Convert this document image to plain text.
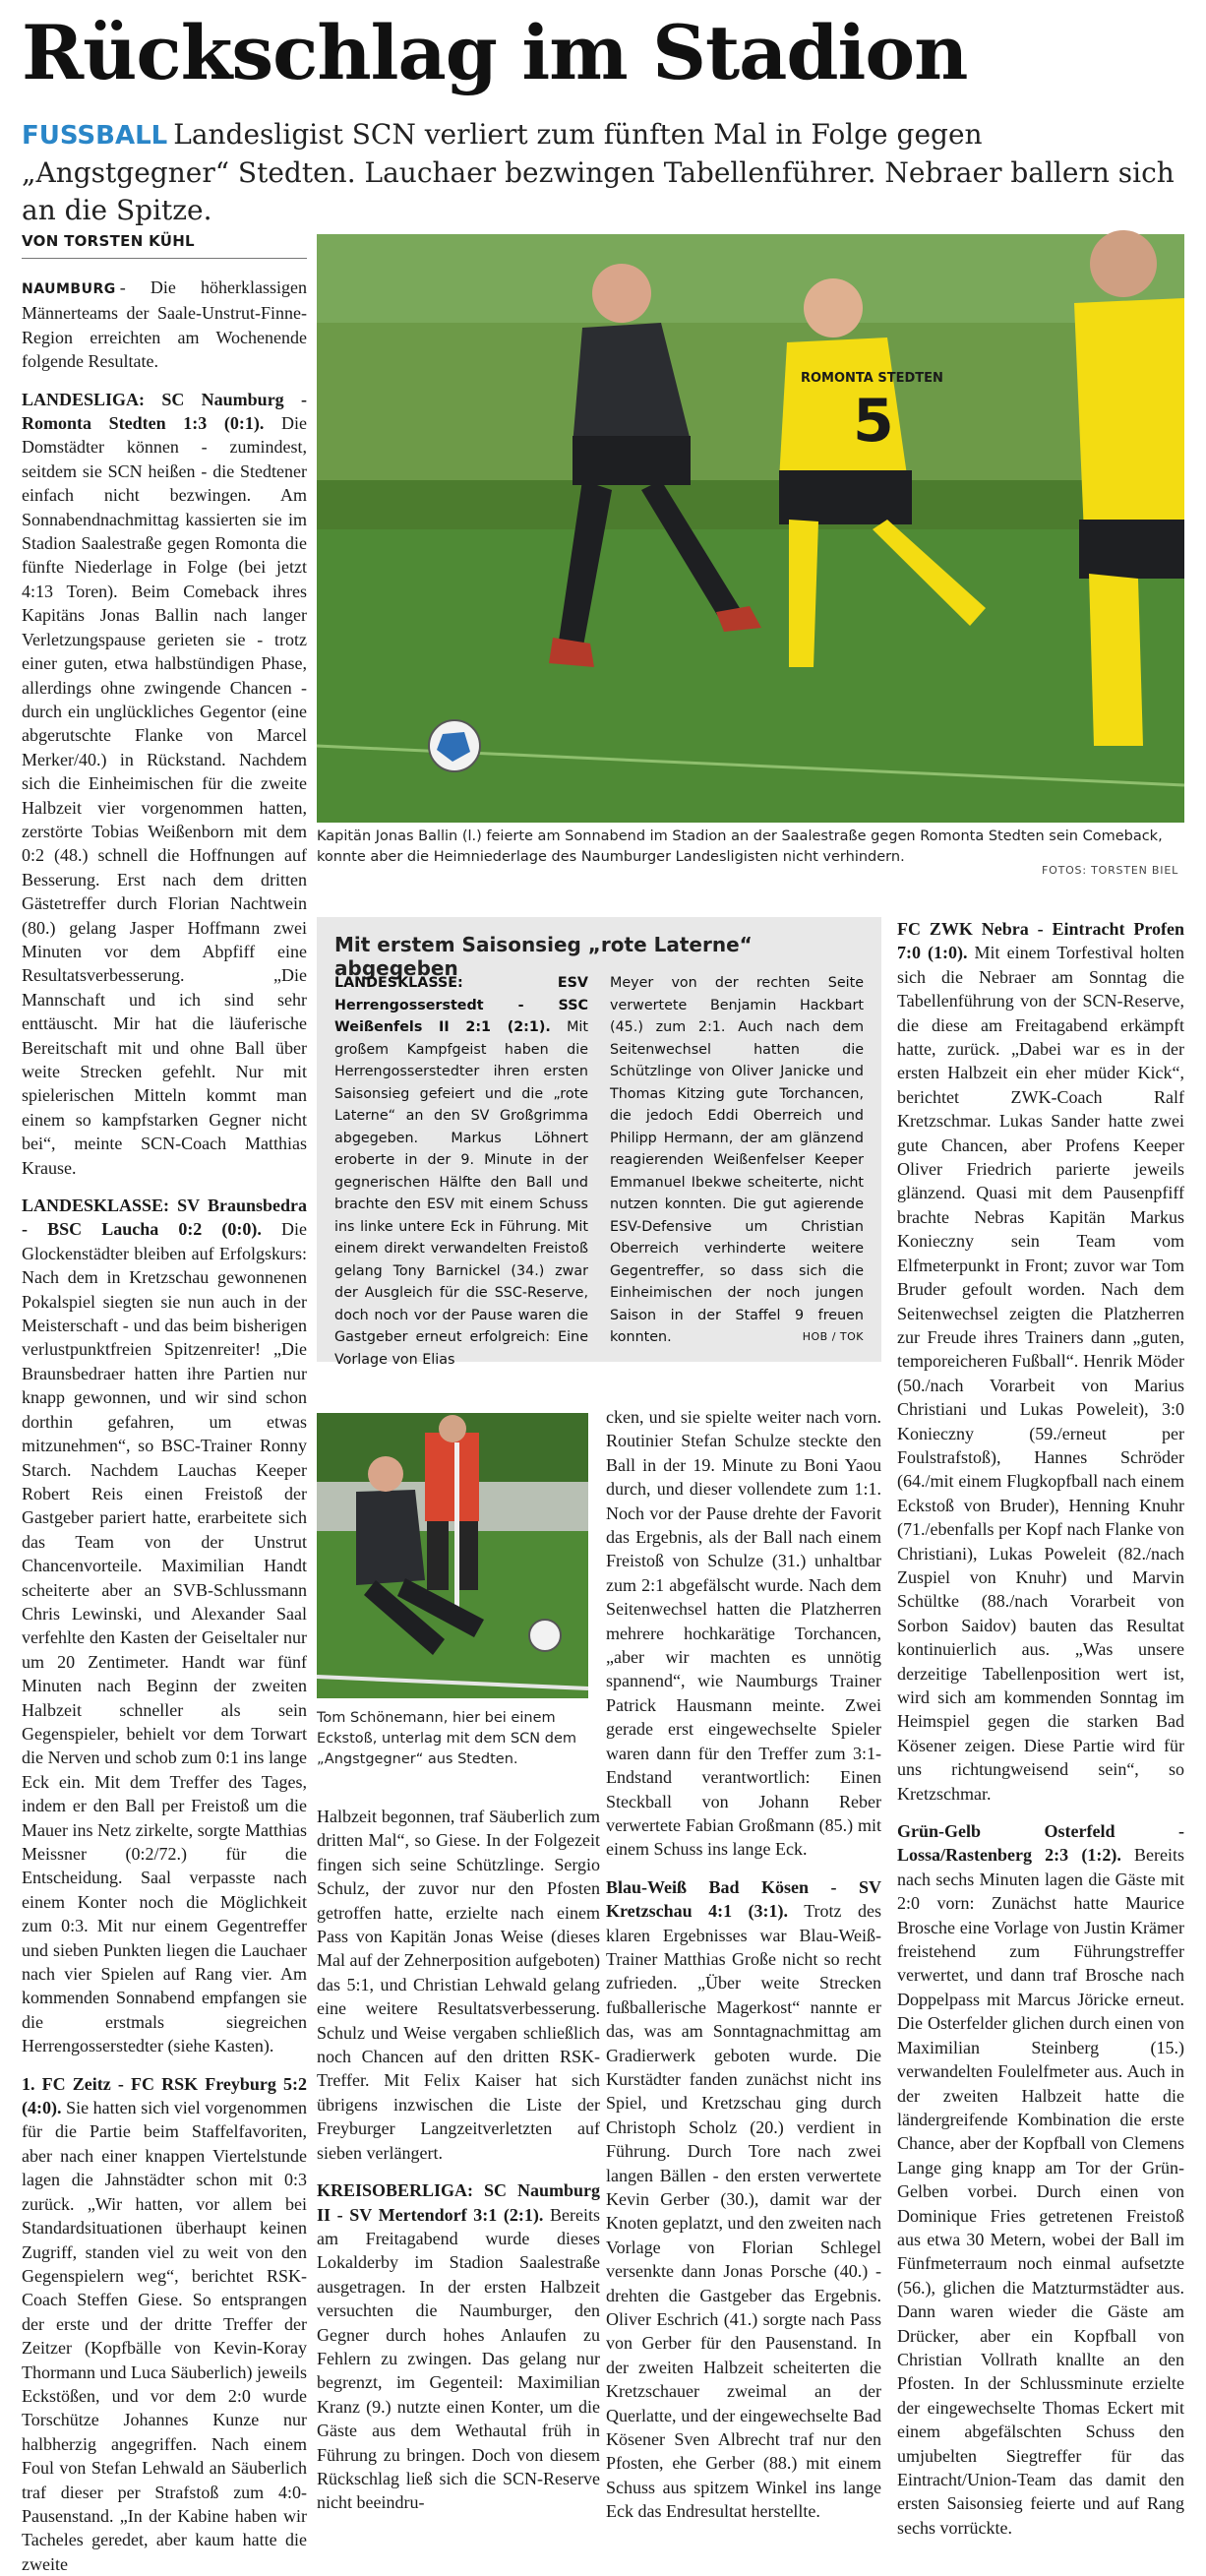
Rückschlag im Stadion

FUSSBALL Landesligist SCN verliert zum fünften Mal in Folge gegen „Angstgegner“ Stedten. Lauchaer bezwingen Tabellenführer. Nebraer ballern sich an die Spitze.

VON TORSTEN KÜHL

NAUMBURG - Die höherklassigen Männerteams der Saale-Unstrut-Finne-Region erreichten am Wochenende folgende Resultate.

LANDESLIGA: SC Naumburg - Romonta Stedten 1:3 (0:1). Die Domstädter können - zumindest, seitdem sie SCN heißen - die Stedtener einfach nicht bezwingen. Am Sonnabendnachmittag kassierten sie im Stadion Saalestraße gegen Romonta die fünfte Niederlage in Folge (bei jetzt 4:13 Toren). Beim Comeback ihres Kapitäns Jonas Ballin nach langer Verletzungspause gerieten sie - trotz einer guten, etwa halbstündigen Phase, allerdings ohne zwingende Chancen - durch ein unglückliches Gegentor (eine abgerutschte Flanke von Marcel Merker/40.) in Rückstand. Nachdem sich die Einheimischen für die zweite Halbzeit vier vorgenommen hatten, zerstörte Tobias Weißenborn mit dem 0:2 (48.) schnell die Hoffnungen auf Besserung. Erst nach dem dritten Gästetreffer durch Florian Nachtwein (80.) gelang Jasper Hoffmann zwei Minuten vor dem Abpfiff eine Resultatsverbesserung. „Die Mannschaft und ich sind sehr enttäuscht. Mir hat die läuferische Bereitschaft mit und ohne Ball über weite Strecken gefehlt. Nur mit spielerischen Mitteln kommt man einem so kampfstarken Gegner nicht bei“, meinte SCN-Coach Matthias Krause.

LANDESKLASSE: SV Braunsbedra - BSC Laucha 0:2 (0:0). Die Glockenstädter bleiben auf Erfolgskurs: Nach dem in Kretzschau gewonnenen Pokalspiel siegten sie nun auch in der Meisterschaft - und das beim bisherigen verlustpunktfreien Spitzenreiter! „Die Braunsbedraer hatten ihre Partien nur knapp gewonnen, und wir sind schon dorthin gefahren, um etwas mitzunehmen“, so BSC-Trainer Ronny Starch. Nachdem Lauchas Keeper Robert Reis einen Freistoß der Gastgeber pariert hatte, erarbeitete sich das Team von der Unstrut Chancenvorteile. Maximilian Handt scheiterte aber an SVB-Schlussmann Chris Lewinski, und Alexander Saal verfehlte den Kasten der Geiseltaler nur um 20 Zentimeter. Handt war fünf Minuten nach Beginn der zweiten Halbzeit schneller als sein Gegenspieler, behielt vor dem Torwart die Nerven und schob zum 0:1 ins lange Eck ein. Mit dem Treffer des Tages, indem er den Ball per Freistoß um die Mauer ins Netz zirkelte, sorgte Matthias Meissner (0:2/72.) für die Entscheidung. Saal verpasste nach einem Konter noch die Möglichkeit zum 0:3. Mit nur einem Gegentreffer und sieben Punkten liegen die Lauchaer nach vier Spielen auf Rang vier. Am kommenden Sonnabend empfangen sie die erstmals siegreichen Herrengosserstedter (siehe Kasten).

1. FC Zeitz - FC RSK Freyburg 5:2 (4:0). Sie hatten sich viel vorgenommen für die Partie beim Staffelfavoriten, aber nach einer knappen Viertelstunde lagen die Jahnstädter schon mit 0:3 zurück. „Wir hatten, vor allem bei Standardsituationen überhaupt keinen Zugriff, standen viel zu weit von den Gegenspielern weg“, berichtet RSK-Coach Steffen Giese. So entsprangen der erste und der dritte Treffer der Zeitzer (Kopfbälle von Kevin-Koray Thormann und Luca Säuberlich) jeweils Eckstößen, und vor dem 2:0 wurde Torschütze Johannes Kunze nur halbherzig angegriffen. Nach einem Foul von Stefan Lehwald an Säuberlich traf dieser per Strafstoß zum 4:0-Pausenstand. „In der Kabine haben wir Tacheles geredet, aber kaum hatte die zweite

5
ROMONTA STEDTEN
Kapitän Jonas Ballin (l.) feierte am Sonnabend im Stadion an der Saalestraße gegen Romonta Stedten sein Comeback, konnte aber die Heimniederlage des Naumburger Landesligisten nicht verhindern.
FOTOS: TORSTEN BIEL
Mit erstem Saisonsieg „rote Laterne“ abgegeben
LANDESKLASSE: ESV Herrengosserstedt - SSC Weißenfels II 2:1 (2:1). Mit großem Kampfgeist haben die Herrengosserstedter ihren ersten Saisonsieg gefeiert und die „rote Laterne“ an den SV Großgrimma abgegeben. Markus Löhnert eroberte in der 9. Minute in der gegnerischen Hälfte den Ball und brachte den ESV mit einem Schuss ins linke untere Eck in Führung. Mit einem direkt verwandelten Freistoß gelang Tony Barnickel (34.) zwar der Ausgleich für die SSC-Reserve, doch noch vor der Pause waren die Gastgeber erneut erfolgreich: Eine Vorlage von Elias
Meyer von der rechten Seite verwertete Benjamin Hackbart (45.) zum 2:1. Auch nach dem Seitenwechsel hatten die Schützlinge von Oliver Janicke und Thomas Kitzing gute Torchancen, die jedoch Eddi Oberreich und Philipp Hermann, der am glänzend reagierenden Weißenfelser Keeper Emmanuel Ibekwe scheiterte, nicht nutzen konnten. Die gut agierende ESV-Defensive um Christian Oberreich verhinderte weitere Gegentreffer, so dass sich die Einheimischen der noch jungen Saison in der Staffel 9 freuen konnten.	HOB / TOK
Tom Schönemann, hier bei einem Eckstoß, unterlag mit dem SCN dem „Angstgegner“ aus Stedten.

Halbzeit begonnen, traf Säuberlich zum dritten Mal“, so Giese. In der Folgezeit fingen sich seine Schützlinge. Sergio Schulz, der zuvor nur den Pfosten getroffen hatte, erzielte nach einem Pass von Kapitän Jonas Weise (dieses Mal auf der Zehnerposition aufgeboten) das 5:1, und Christian Lehwald gelang eine weitere Resultatsverbesserung. Schulz und Weise vergaben schließlich noch Chancen auf den dritten RSK-Treffer. Mit Felix Kaiser hat sich übrigens inzwischen die Liste der Freyburger Langzeitverletzten auf sieben verlängert.

KREISOBERLIGA: SC Naumburg II - SV Mertendorf 3:1 (2:1). Bereits am Freitagabend wurde dieses Lokalderby im Stadion Saalestraße ausgetragen. In der ersten Halbzeit versuchten die Naumburger, den Gegner durch hohes Anlaufen zu Fehlern zu zwingen. Das gelang nur begrenzt, im Gegenteil: Maximilian Kranz (9.) nutzte einen Konter, um die Gäste aus dem Wethautal früh in Führung zu bringen. Doch von diesem Rückschlag ließ sich die SCN-Reserve nicht beeindru-

cken, und sie spielte weiter nach vorn. Routinier Stefan Schulze steckte den Ball in der 19. Minute zu Boni Yaou durch, und dieser vollendete zum 1:1. Noch vor der Pause drehte der Favorit das Ergebnis, als der Ball nach einem Freistoß von Schulze (31.) unhaltbar zum 2:1 abgefälscht wurde. Nach dem Seitenwechsel hatten die Platzherren mehrere hochkarätige Torchancen, „aber wir machten es unnötig spannend“, wie Naumburgs Trainer Patrick Hausmann meinte. Zwei gerade erst eingewechselte Spieler waren dann für den Treffer zum 3:1-Endstand verantwortlich: Einen Steckball von Johann Reber verwertete Fabian Großmann (85.) mit einem Schuss ins lange Eck.

Blau-Weiß Bad Kösen - SV Kretzschau 4:1 (3:1). Trotz des klaren Ergebnisses war Blau-Weiß-Trainer Matthias Große nicht so recht zufrieden. „Über weite Strecken fußballerische Magerkost“ nannte er das, was am Sonntagnachmittag am Gradierwerk geboten wurde. Die Kurstädter fanden zunächst nicht ins Spiel, und Kretzschau ging durch Christoph Scholz (20.) verdient in Führung. Durch Tore nach zwei langen Bällen - den ersten verwertete Kevin Gerber (30.), damit war der Knoten geplatzt, und den zweiten nach Vorlage von Florian Schlegel versenkte dann Jonas Porsche (40.) - drehten die Gastgeber das Ergebnis. Oliver Eschrich (41.) sorgte nach Pass von Gerber für den Pausenstand. In der zweiten Halbzeit scheiterten die Kretzschauer zweimal an der Querlatte, und der eingewechselte Bad Kösener Sven Albrecht traf nur den Pfosten, ehe Gerber (88.) mit einem Schuss aus spitzem Winkel ins lange Eck das Endresultat herstellte.

FC ZWK Nebra - Eintracht Profen 7:0 (1:0). Mit einem Torfestival holten sich die Nebraer am Sonntag die Tabellenführung von der SCN-Reserve, die diese am Freitagabend erkämpft hatte, zurück. „Dabei war es in der ersten Halbzeit ein eher müder Kick“, berichtet ZWK-Coach Ralf Kretzschmar. Lukas Sander hatte zwei gute Chancen, aber Profens Keeper Oliver Friedrich parierte jeweils glänzend. Quasi mit dem Pausenpfiff brachte Nebras Kapitän Markus Konieczny sein Team vom Elfmeterpunkt in Front; zuvor war Tom Bruder gefoult worden. Nach dem Seitenwechsel zeigten die Platzherren zur Freude ihres Trainers dann „guten, temporeicheren Fußball“. Henrik Möder (50./nach Vorarbeit von Marius Christiani und Lukas Poweleit), 3:0 Konieczny (59./erneut per Foulstrafstoß), Hannes Schröder (64./mit einem Flugkopfball nach einem Eckstoß von Bruder), Henning Knuhr (71./ebenfalls per Kopf nach Flanke von Christiani), Lukas Poweleit (82./nach Zuspiel von Knuhr) und Marvin Schültke (88./nach Vorarbeit von Sorbon Saidov) bauten das Resultat kontinuierlich aus. „Was unsere derzeitige Tabellenposition wert ist, wird sich am kommenden Sonntag im Heimspiel gegen die starken Bad Kösener zeigen. Diese Partie wird für uns richtungweisend sein“, so Kretzschmar.

Grün-Gelb Osterfeld - Lossa/Rastenberg 2:3 (1:2). Bereits nach sechs Minuten lagen die Gäste mit 2:0 vorn: Zunächst hatte Maurice Brosche eine Vorlage von Justin Krämer freistehend zum Führungstreffer verwertet, und dann traf Brosche nach Doppelpass mit Marcus Jöricke erneut. Die Osterfelder glichen durch einen von Maximilian Steinberg (15.) verwandelten Foulelfmeter aus. Auch in der zweiten Halbzeit hatte die ländergreifende Kombination die erste Chance, aber der Kopfball von Clemens Lange ging knapp am Tor der Grün-Gelben vorbei. Durch einen von Dominique Fries getretenen Freistoß aus etwa 30 Metern, wobei der Ball im Fünfmeterraum noch einmal aufsetzte (56.), glichen die Matzturmstädter aus. Dann waren wieder die Gäste am Drücker, aber ein Kopfball von Christian Vollrath knallte an den Pfosten. In der Schlussminute erzielte der eingewechselte Thomas Eckert mit einem abgefälschten Schuss den umjubelten Siegtreffer für das Eintracht/Union-Team das damit den ersten Saisonsieg feierte und auf Rang sechs vorrückte.
